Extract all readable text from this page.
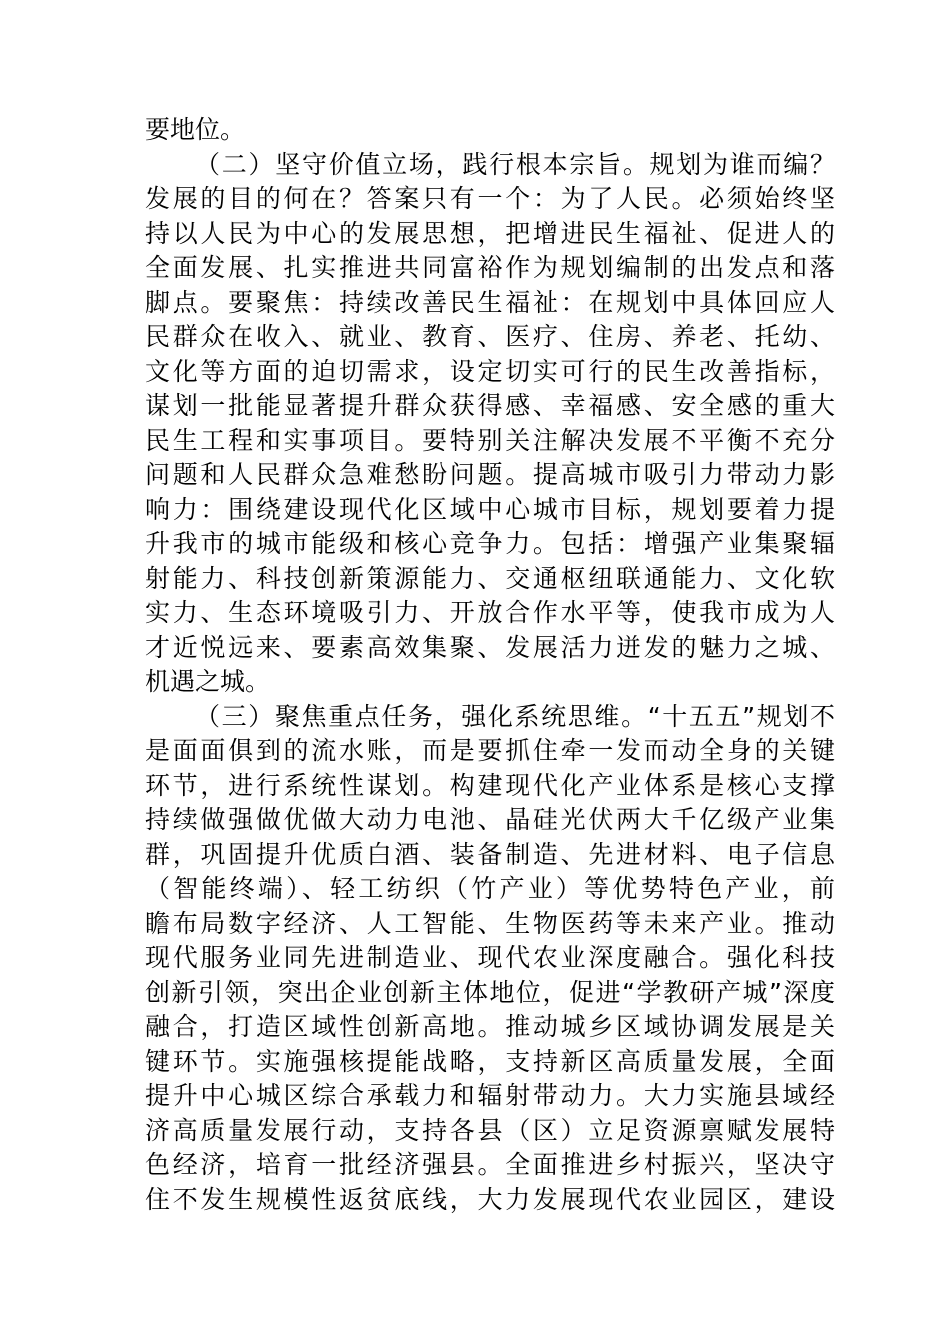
要地位。
（二）坚守价值立场，践行根本宗旨。规划为谁而编？
发展的目的何在？答案只有一个：为了人民。必须始终坚
持以人民为中心的发展思想，把增进民生福祉、促进人的
全面发展、扎实推进共同富裕作为规划编制的出发点和落
脚点。要聚焦：持续改善民生福祉：在规划中具体回应人
民群众在收入、就业、教育、医疗、住房、养老、托幼、
文化等方面的迫切需求，设定切实可行的民生改善指标，
谋划一批能显著提升群众获得感、幸福感、安全感的重大
民生工程和实事项目。要特别关注解决发展不平衡不充分
问题和人民群众急难愁盼问题。提高城市吸引力带动力影
响力：围绕建设现代化区域中心城市目标，规划要着力提
升我市的城市能级和核心竞争力。包括：增强产业集聚辐
射能力、科技创新策源能力、交通枢纽联通能力、文化软
实力、生态环境吸引力、开放合作水平等，使我市成为人
才近悦远来、要素高效集聚、发展活力迸发的魅力之城、
机遇之城。
（三）聚焦重点任务，强化系统思维。“十五五”规划不
是面面俱到的流水账，而是要抓住牵一发而动全身的关键
环节，进行系统性谋划。构建现代化产业体系是核心支撑
持续做强做优做大动力电池、晶硅光伏两大千亿级产业集
群，巩固提升优质白酒、装备制造、先进材料、电子信息
（智能终端）、轻工纺织（竹产业）等优势特色产业，前
瞻布局数字经济、人工智能、生物医药等未来产业。推动
现代服务业同先进制造业、现代农业深度融合。强化科技
创新引领，突出企业创新主体地位，促进“学教研产城”深度
融合，打造区域性创新高地。推动城乡区域协调发展是关
键环节。实施强核提能战略，支持新区高质量发展，全面
提升中心城区综合承载力和辐射带动力。大力实施县域经
济高质量发展行动，支持各县（区）立足资源禀赋发展特
色经济，培育一批经济强县。全面推进乡村振兴，坚决守
住不发生规模性返贫底线，大力发展现代农业园区，建设
